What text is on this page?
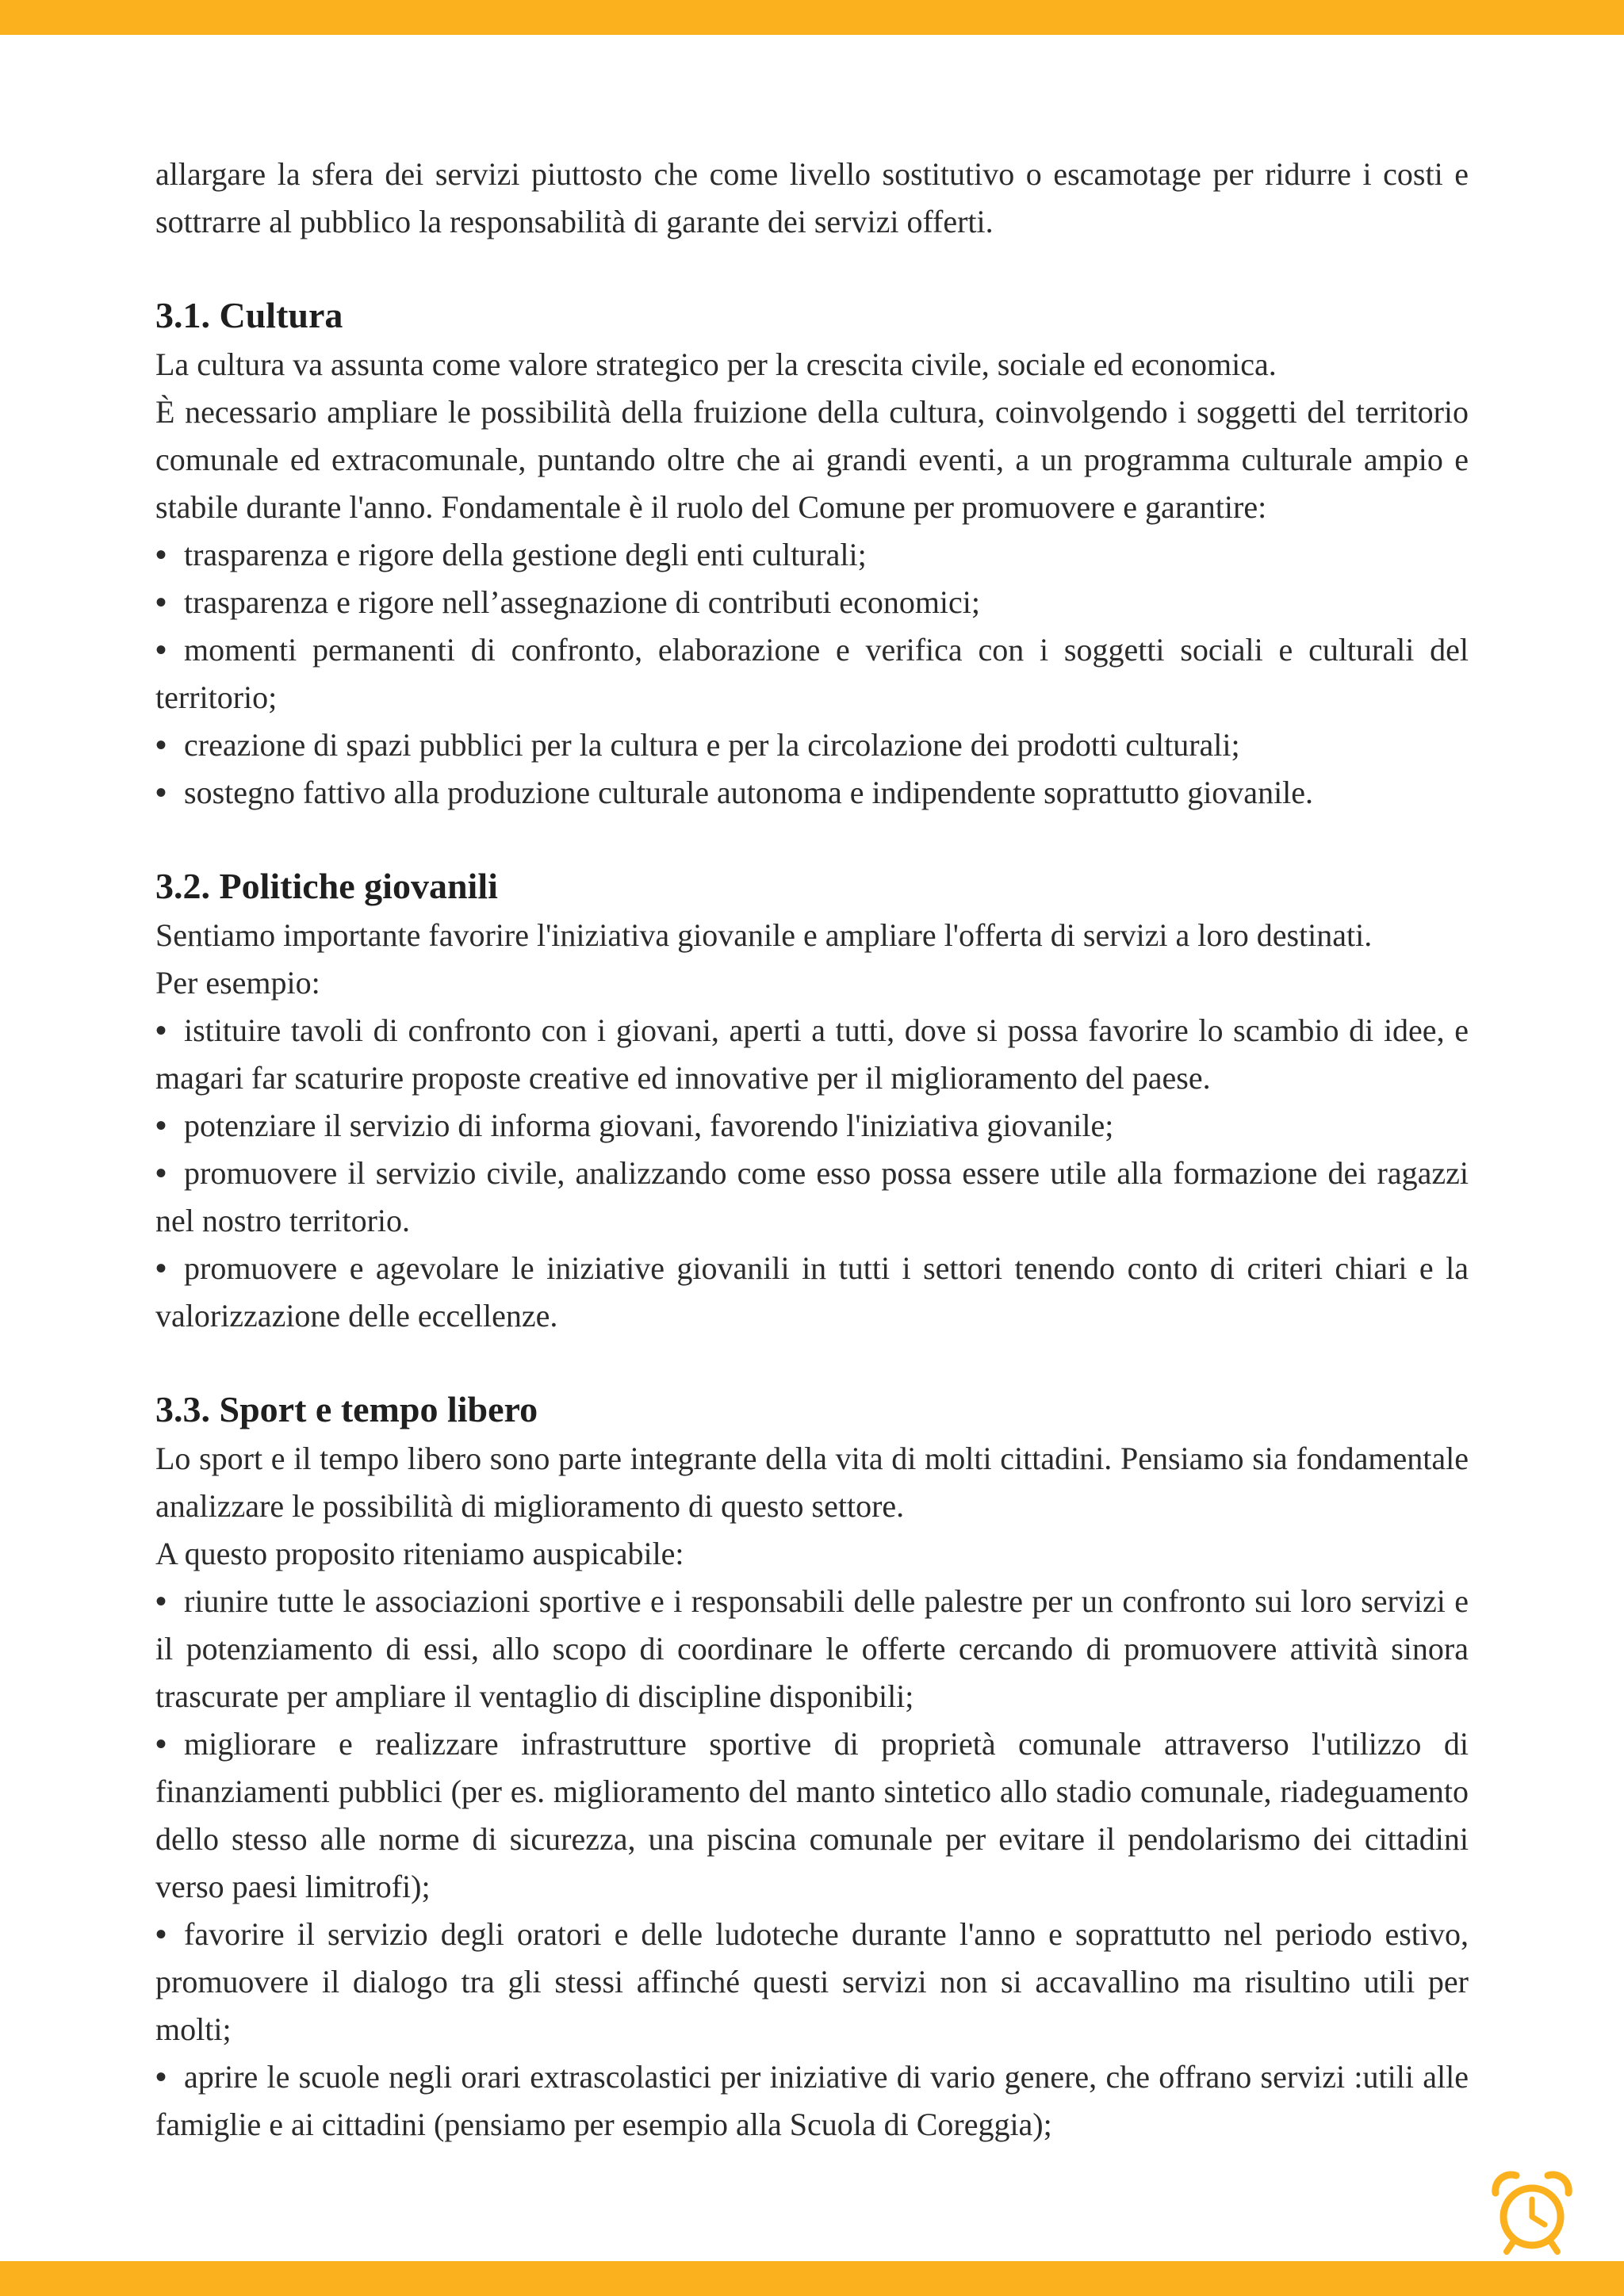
allargare la sfera dei servizi piuttosto che come livello sostitutivo o escamotage per ridurre i costi e sottrarre al pubblico la responsabilità di garante dei servizi offerti.

3.1. Cultura

La cultura va assunta come valore strategico per la crescita civile, sociale ed economica.

È necessario ampliare le possibilità della fruizione della cultura, coinvolgendo i soggetti del territorio comunale ed extracomunale, puntando oltre che ai grandi eventi, a un programma culturale ampio e stabile durante l'anno. Fondamentale è il ruolo del Comune per promuovere e garantire:

• trasparenza e rigore della gestione degli enti culturali;
• trasparenza e rigore nell’assegnazione di contributi economici;
• momenti permanenti di confronto, elaborazione e verifica con i soggetti sociali e culturali del territorio;
• creazione di spazi pubblici per la cultura e per la circolazione dei prodotti culturali;
• sostegno fattivo alla produzione culturale autonoma e indipendente soprattutto giovanile.
3.2. Politiche giovanili

Sentiamo importante favorire l'iniziativa giovanile e ampliare l'offerta di servizi a loro destinati.

Per esempio:

• istituire tavoli di confronto con i giovani, aperti a tutti, dove si possa favorire lo scambio di idee, e magari far scaturire proposte creative ed innovative per il miglioramento del paese.
• potenziare il servizio di informa giovani, favorendo l'iniziativa giovanile;
• promuovere il servizio civile, analizzando come esso possa essere utile alla formazione dei ragazzi nel nostro territorio.
• promuovere e agevolare le iniziative giovanili in tutti i settori tenendo conto di criteri chiari e la valorizzazione delle eccellenze.
3.3. Sport e tempo libero

Lo sport e il tempo libero sono parte integrante della vita di molti cittadini. Pensiamo sia fondamentale analizzare le possibilità di miglioramento di questo settore.

A questo proposito riteniamo auspicabile:

• riunire tutte le associazioni sportive e i responsabili delle palestre per un confronto sui loro servizi e il potenziamento di essi, allo scopo di coordinare le offerte cercando di promuovere attività sinora trascurate per ampliare il ventaglio di discipline disponibili;
• migliorare e realizzare infrastrutture sportive di proprietà comunale attraverso l'utilizzo di finanziamenti pubblici (per es. miglioramento del manto sintetico allo stadio comunale, riadeguamento dello stesso alle norme di sicurezza, una piscina comunale per evitare il pendolarismo dei cittadini verso paesi limitrofi);
• favorire il servizio degli oratori e delle ludoteche durante l'anno e soprattutto nel periodo estivo, promuovere il dialogo tra gli stessi affinché questi servizi non si accavallino ma risultino utili per molti;
• aprire le scuole negli orari extrascolastici per iniziative di vario genere, che offrano servizi :utili alle famiglie e ai cittadini (pensiamo per esempio alla Scuola di Coreggia);
